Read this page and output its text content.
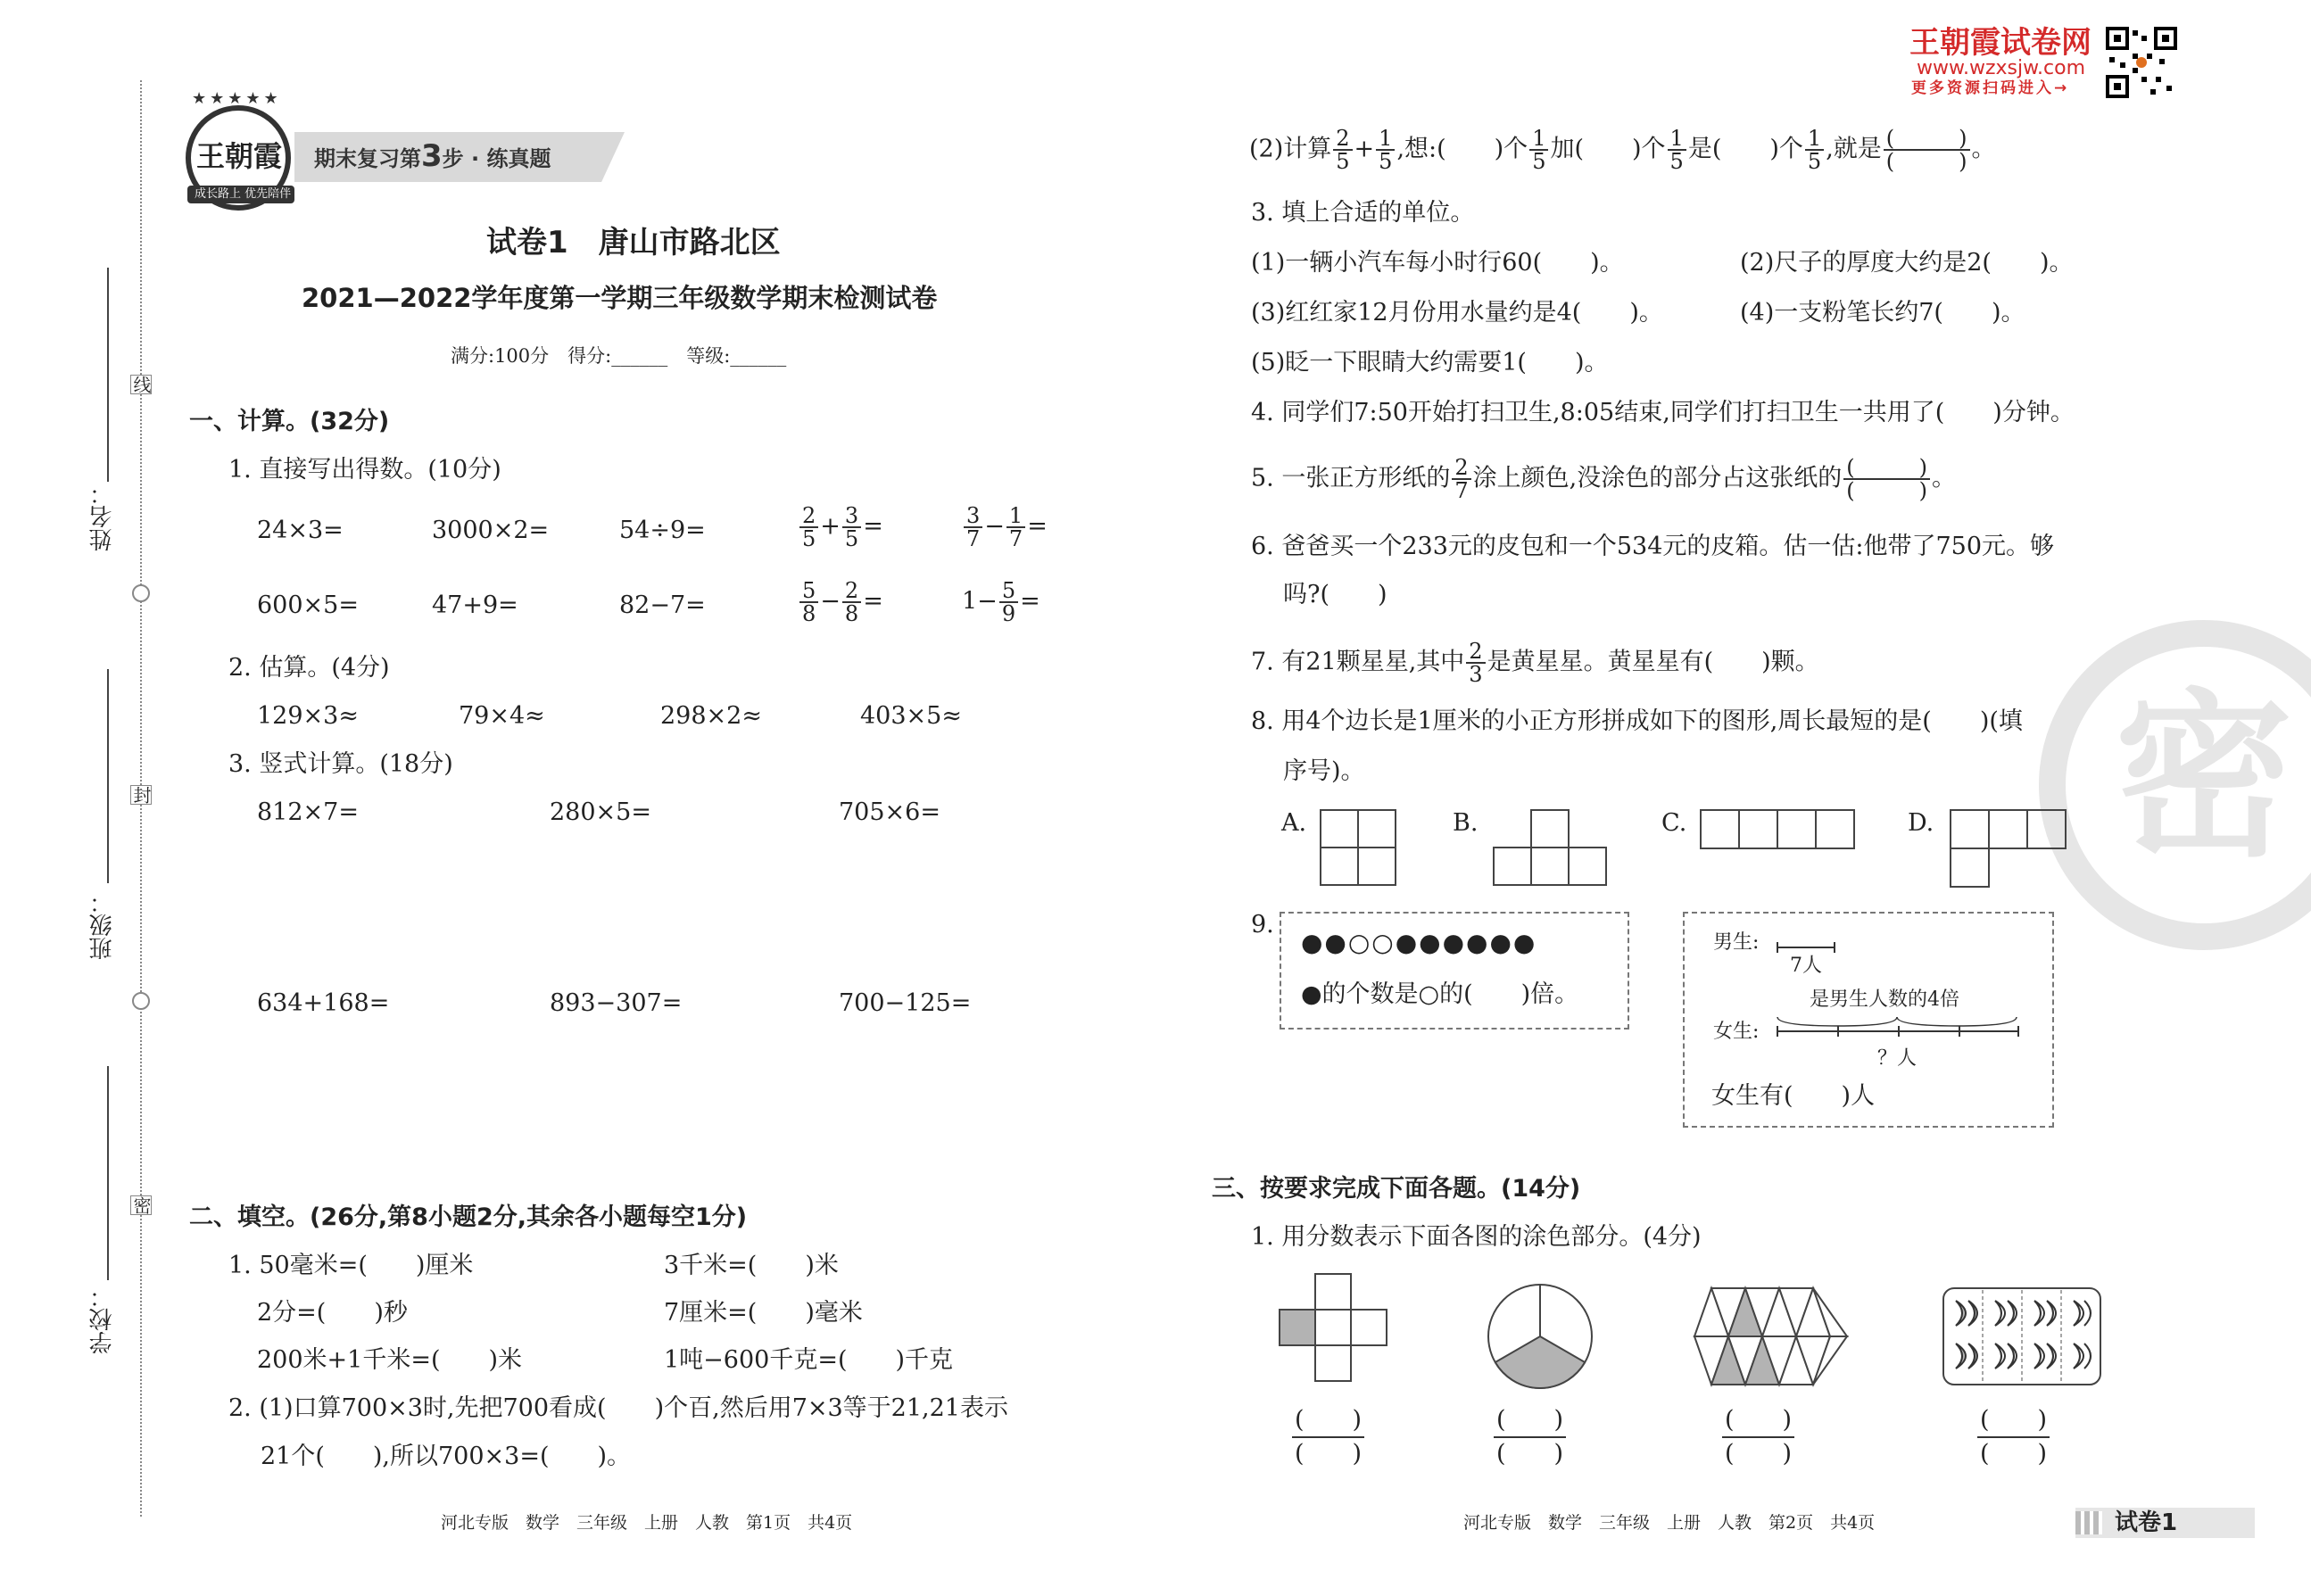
线
封
密
姓名：
班级：
学校：
★★★★★
王朝霞
成长路上 优先陪伴
期末复习第3步 · 练真题
王朝霞试卷网
www.wzxsjw.com
更多资源扫码进入→
密
试卷1　唐山市路北区
2021—2022学年度第一学期三年级数学期末检测试卷
满分:100分　得分:______　等级:______
一、计算。(32分)
1. 直接写出得数。(10分)
24×3=	3000×2=	54÷9=	$\frac{2}{5} + \frac{3}{5}$ =	$\frac{3}{7} - \frac{1}{7}$ =
600×5=	47+9=	82−7=	$\frac{5}{8} - \frac{2}{8}$ =	$1- \frac{5}{9}$ =
2. 估算。(4分)
129×3≈	79×4≈	298×2≈	403×5≈
3. 竖式计算。(18分)
812×7=	280×5=	705×6=
634+168=	893−307=	700−125=
二、填空。(26分,第8小题2分,其余各小题每空1分)
1. 50毫米=(　　)厘米	3千米=(　　)米
2分=(　　)秒	7厘米=(　　)毫米
200米+1千米=(　　)米	1吨−600千克=(　　)千克
2. (1)口算700×3时,先把700看成(　　)个百,然后用7×3等于21,21表示
21个(　　),所以700×3=(　　)。
河北专版　数学　三年级　上册　人教　第1页　共4页
(2)计算 $\frac{2}{5} + \frac{1}{5}$ ,想:(　　)个 $\frac{1}{5}$ 加(　　)个 $\frac{1}{5}$ 是(　　)个 $\frac{1}{5}$ ,就是 $\frac{( )}{( )}$ 。
3. 填上合适的单位。
(1)一辆小汽车每小时行60(　　)。	(2)尺子的厚度大约是2(　　)。
(3)红红家12月份用水量约是4(　　)。	(4)一支粉笔长约7(　　)。
(5)眨一下眼睛大约需要1(　　)。
4. 同学们7:50开始打扫卫生,8:05结束,同学们打扫卫生一共用了(　　)分钟。
5. 一张正方形纸的 $\frac{2}{7}$ 涂上颜色,没涂色的部分占这张纸的 $\frac{( )}{( )}$ 。
6. 爸爸买一个233元的皮包和一个534元的皮箱。估一估:他带了750元。够
吗?(　　)
7. 有21颗星星,其中 $\frac{2}{3}$ 是黄星星。黄星星有(　　)颗。
8. 用4个边长是1厘米的小正方形拼成如下的图形,周长最短的是(　　)(填
序号)。
A.	B.	C.	D.
9.
●●○○●●●●●●
●的个数是○的(　　)倍。
男生:
7人
是男生人数的4倍
女生:
？人
女生有(　　)人
三、按要求完成下面各题。(14分)
1. 用分数表示下面各图的涂色部分。(4分)
$\frac{( )}{( )}$	$\frac{( )}{( )}$	$\frac{( )}{( )}$	$\frac{( )}{( )}$
河北专版　数学　三年级　上册　人教　第2页　共4页	试卷1
